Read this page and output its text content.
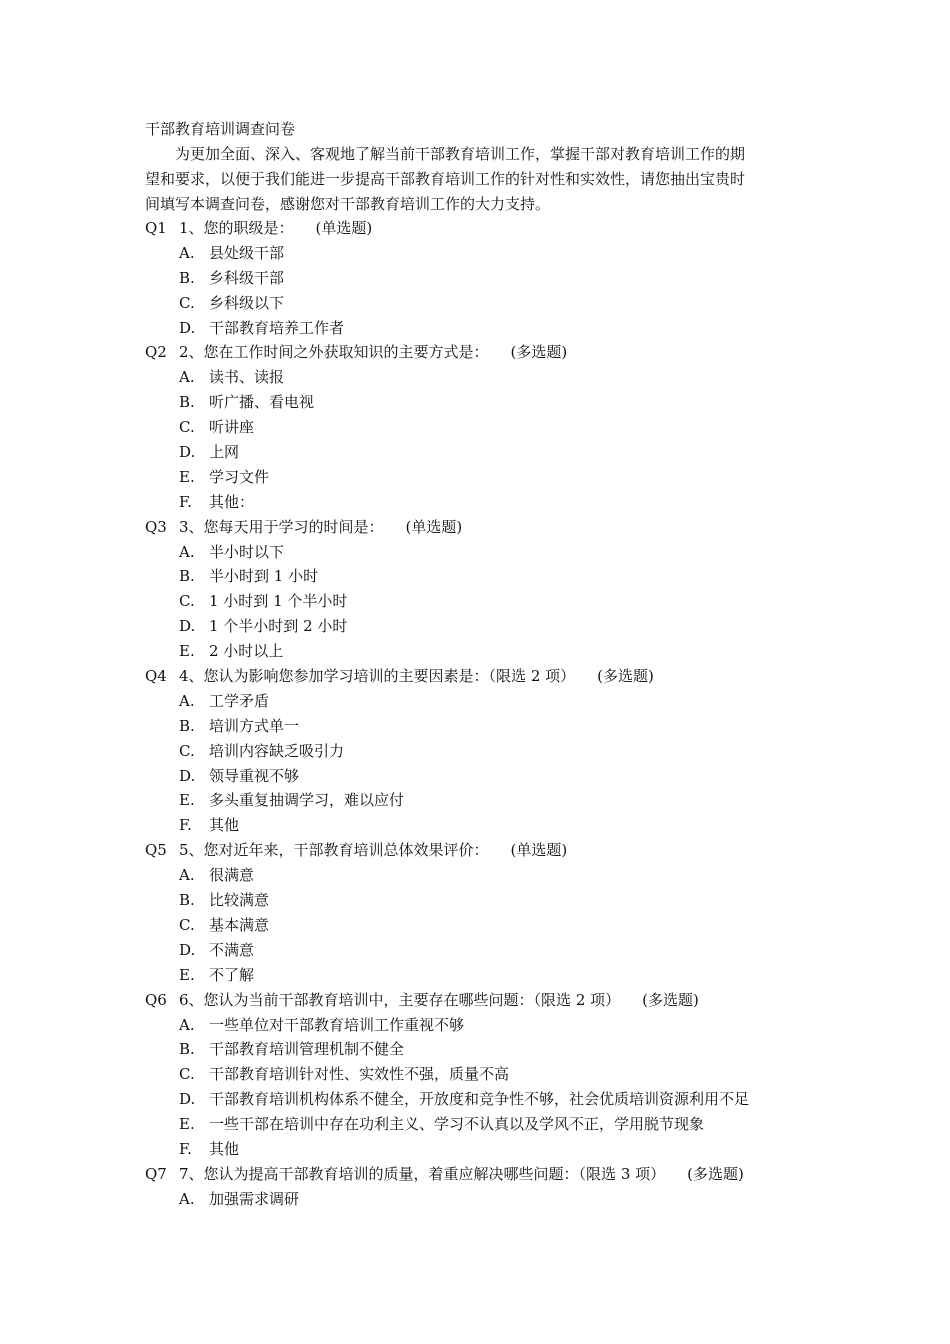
干部教育培训调查问卷
为更加全面、深入、客观地了解当前干部教育培训工作，掌握干部对教育培训工作的期
望和要求，以便于我们能进一步提高干部教育培训工作的针对性和实效性，请您抽出宝贵时
间填写本调查问卷，感谢您对干部教育培训工作的大力支持。
Q1 1、您的职级是： (单选题)
A. 县处级干部
B. 乡科级干部
C. 乡科级以下
D. 干部教育培养工作者
Q2 2、您在工作时间之外获取知识的主要方式是： (多选题)
A. 读书、读报
B. 听广播、看电视
C. 听讲座
D. 上网
E. 学习文件
F. 其他：
Q3 3、您每天用于学习的时间是： (单选题)
A. 半小时以下
B. 半小时到 1 小时
C. 1 小时到 1 个半小时
D. 1 个半小时到 2 小时
E. 2 小时以上
Q4 4、您认为影响您参加学习培训的主要因素是：（限选 2 项） (多选题)
A. 工学矛盾
B. 培训方式单一
C. 培训内容缺乏吸引力
D. 领导重视不够
E. 多头重复抽调学习，难以应付
F. 其他
Q5 5、您对近年来，干部教育培训总体效果评价： (单选题)
A. 很满意
B. 比较满意
C. 基本满意
D. 不满意
E. 不了解
Q6 6、您认为当前干部教育培训中，主要存在哪些问题：（限选 2 项） (多选题)
A. 一些单位对干部教育培训工作重视不够
B. 干部教育培训管理机制不健全
C. 干部教育培训针对性、实效性不强，质量不高
D. 干部教育培训机构体系不健全，开放度和竞争性不够，社会优质培训资源利用不足
E. 一些干部在培训中存在功利主义、学习不认真以及学风不正，学用脱节现象
F. 其他
Q7 7、您认为提高干部教育培训的质量，着重应解决哪些问题：（限选 3 项） (多选题)
A. 加强需求调研
